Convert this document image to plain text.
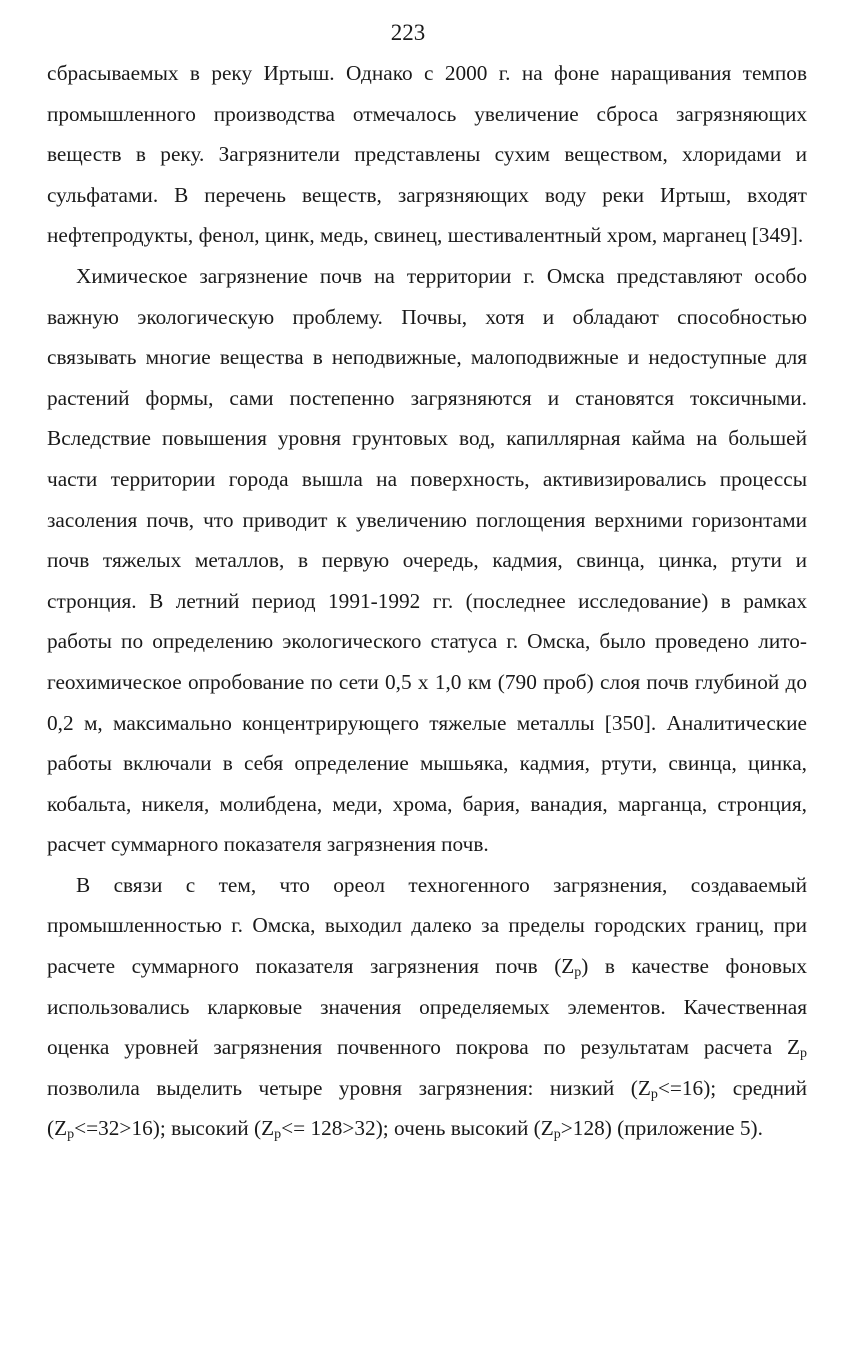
223

сбрасываемых в реку Иртыш. Однако с 2000 г. на фоне наращивания темпов промышленного производства отмечалось увеличение сброса загрязняющих веществ в реку. Загрязнители представлены сухим веществом, хлоридами и сульфатами. В перечень веществ, загрязняющих воду реки Иртыш, входят нефтепродукты, фенол, цинк, медь, свинец, шестивалентный хром, марганец [349].

Химическое загрязнение почв на территории г. Омска представляют особо важную экологическую проблему. Почвы, хотя и обладают способностью связывать многие вещества в неподвижные, малоподвижные и недоступные для растений формы, сами постепенно загрязняются и становятся токсичными. Вследствие повышения уровня грунтовых вод, капиллярная кайма на большей части территории города вышла на поверхность, активизировались процессы засоления почв, что приводит к увеличению поглощения верхними горизонтами почв тяжелых металлов, в первую очередь, кадмия, свинца, цинка, ртути и стронция. В летний период 1991-1992 гг. (последнее исследование) в рамках работы по определению экологического статуса г. Омска, было проведено лито-геохимическое опробование по сети 0,5 х 1,0 км (790 проб) слоя почв глубиной до 0,2 м, максимально концентрирующего тяжелые металлы [350]. Аналитические работы включали в себя определение мышьяка, кадмия, ртути, свинца, цинка, кобальта, никеля, молибдена, меди, хрома, бария, ванадия, марганца, стронция, расчет суммарного показателя загрязнения почв.

В связи с тем, что ореол техногенного загрязнения, создаваемый промышленностью г. Омска, выходил далеко за пределы городских границ, при расчете суммарного показателя загрязнения почв $(Z_p)$ в качестве фоновых использовались кларковые значения определяемых элементов. Качественная оценка уровней загрязнения почвенного покрова по результатам расчета $Z_p$ позволила выделить четыре уровня загрязнения: низкий $(Z_p<=16)$; средний $(Z_p<=32>16)$; высокий $(Z_p<= 128>32)$; очень высокий $(Z_p>128)$ (приложение 5).
